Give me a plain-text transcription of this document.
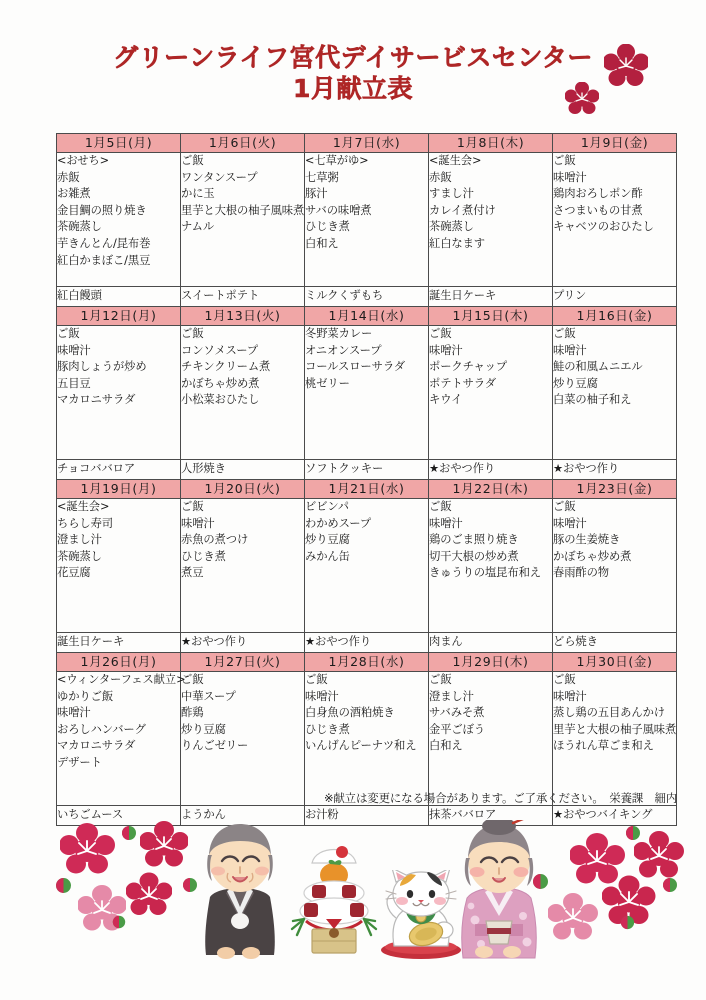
グリーンライフ宮代デイサービスセンター
1月献立表
1月5日(月)	1月6日(火)	1月7日(水)	1月8日(木)	1月9日(金)

<おせち>
赤飯
お雑煮
金目鯛の照り焼き
茶碗蒸し
芋きんとん/昆布巻
紅白かまぼこ/黒豆

ご飯
ワンタンスープ
かに玉
里芋と大根の柚子風味煮
ナムル

<七草がゆ>
七草粥
豚汁
サバの味噌煮
ひじき煮
白和え

<誕生会>
赤飯
すまし汁
カレイ煮付け
茶碗蒸し
紅白なます

ご飯
味噌汁
鶏肉おろしポン酢
さつまいもの甘煮
キャベツのおひたし

紅白饅頭	スイートポテト	ミルクくずもち	誕生日ケーキ	プリン
1月12日(月)	1月13日(火)	1月14日(水)	1月15日(木)	1月16日(金)

ご飯
味噌汁
豚肉しょうが炒め
五目豆
マカロニサラダ

ご飯
コンソメスープ
チキンクリーム煮
かぼちゃ炒め煮
小松菜おひたし

冬野菜カレー
オニオンスープ
コールスローサラダ
桃ゼリー

ご飯
味噌汁
ポークチャップ
ポテトサラダ
キウイ

ご飯
味噌汁
鮭の和風ムニエル
炒り豆腐
白菜の柚子和え

チョコババロア	人形焼き	ソフトクッキー	★おやつ作り	★おやつ作り
1月19日(月)	1月20日(火)	1月21日(水)	1月22日(木)	1月23日(金)

<誕生会>
ちらし寿司
澄まし汁
茶碗蒸し
花豆腐

ご飯
味噌汁
赤魚の煮つけ
ひじき煮
煮豆

ビビンパ
わかめスープ
炒り豆腐
みかん缶

ご飯
味噌汁
鶏のごま照り焼き
切干大根の炒め煮
きゅうりの塩昆布和え

ご飯
味噌汁
豚の生姜焼き
かぼちゃ炒め煮
春雨酢の物

誕生日ケーキ	★おやつ作り	★おやつ作り	肉まん	どら焼き
1月26日(月)	1月27日(火)	1月28日(水)	1月29日(木)	1月30日(金)

<ウィンターフェス献立>
ゆかりご飯
味噌汁
おろしハンバーグ
マカロニサラダ
デザート

ご飯
中華スープ
酢鶏
炒り豆腐
りんごゼリー

ご飯
味噌汁
白身魚の酒粕焼き
ひじき煮
いんげんピーナツ和え

ご飯
澄まし汁
サバみそ煮
金平ごぼう
白和え

ご飯
味噌汁
蒸し鶏の五目あんかけ
里芋と大根の柚子風味煮
ほうれん草ごま和え

いちごムース	ようかん	お汁粉	抹茶ババロア	★おやつバイキング
※献立は変更になる場合があります。ご了承ください。　栄養課　細内
